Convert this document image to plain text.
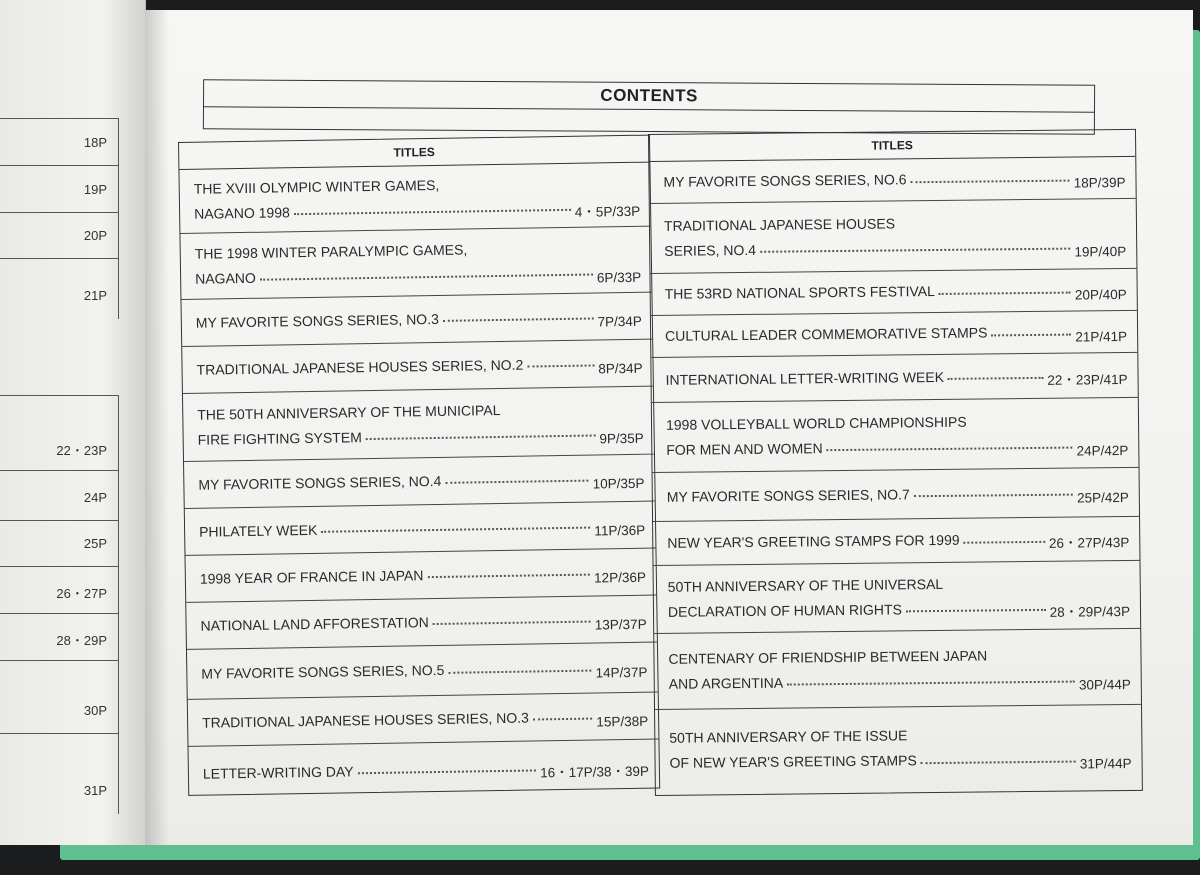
18P
19P
20P
21P
22・23P
24P
25P
26・27P
28・29P
30P
31P
CONTENTS
TITLES
THE XVIII OLYMPIC WINTER GAMES,
NAGANO 1998	4・5P/33P
THE 1998 WINTER PARALYMPIC GAMES,
NAGANO	6P/33P
MY FAVORITE SONGS SERIES, NO.3	7P/34P
TRADITIONAL JAPANESE HOUSES SERIES, NO.2	8P/34P
THE 50TH ANNIVERSARY OF THE MUNICIPAL
FIRE FIGHTING SYSTEM	9P/35P
MY FAVORITE SONGS SERIES, NO.4	10P/35P
PHILATELY WEEK	11P/36P
1998 YEAR OF FRANCE IN JAPAN	12P/36P
NATIONAL LAND AFFORESTATION	13P/37P
MY FAVORITE SONGS SERIES, NO.5	14P/37P
TRADITIONAL JAPANESE HOUSES SERIES, NO.3	15P/38P
LETTER-WRITING DAY	16・17P/38・39P
TITLES
MY FAVORITE SONGS SERIES, NO.6	18P/39P
TRADITIONAL JAPANESE HOUSES
SERIES, NO.4	19P/40P
THE 53RD NATIONAL SPORTS FESTIVAL	20P/40P
CULTURAL LEADER COMMEMORATIVE STAMPS	21P/41P
INTERNATIONAL LETTER-WRITING WEEK	22・23P/41P
1998 VOLLEYBALL WORLD CHAMPIONSHIPS
FOR MEN AND WOMEN	24P/42P
MY FAVORITE SONGS SERIES, NO.7	25P/42P
NEW YEAR'S GREETING STAMPS FOR 1999	26・27P/43P
50TH ANNIVERSARY OF THE UNIVERSAL
DECLARATION OF HUMAN RIGHTS	28・29P/43P
CENTENARY OF FRIENDSHIP BETWEEN JAPAN
AND ARGENTINA	30P/44P
50TH ANNIVERSARY OF THE ISSUE
OF NEW YEAR'S GREETING STAMPS	31P/44P
